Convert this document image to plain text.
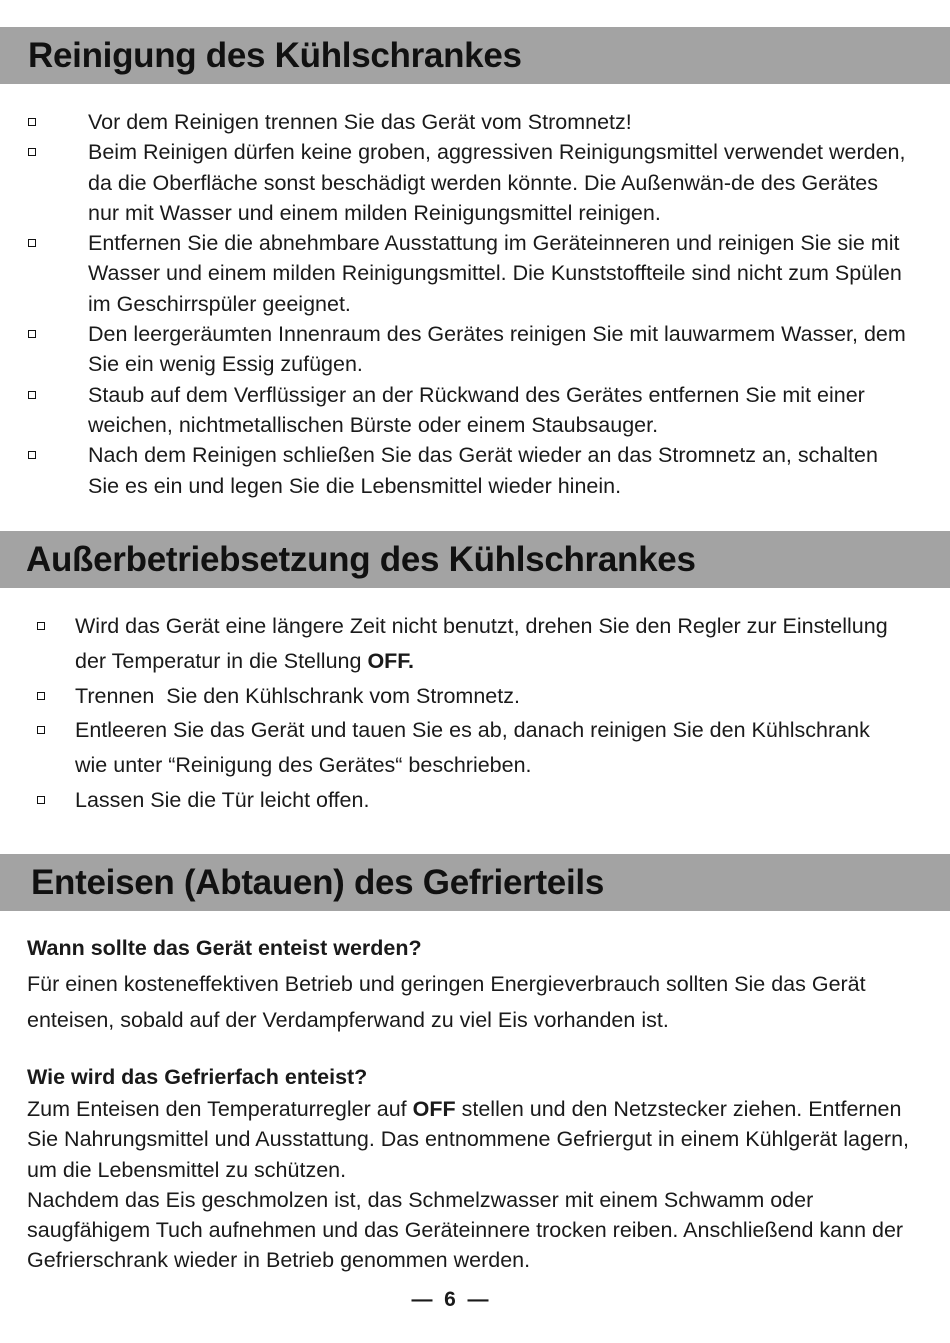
Reinigung des Kühlschrankes
Vor dem Reinigen trennen Sie das Gerät vom Stromnetz!
Beim Reinigen dürfen keine groben, aggressiven Reinigungsmittel verwendet werden, da die Oberfläche sonst beschädigt werden könnte. Die Außenwän-de des Gerätes nur mit Wasser und einem milden Reinigungsmittel reinigen.
Entfernen Sie die abnehmbare Ausstattung im Geräteinneren und reinigen Sie sie mit Wasser und einem milden Reinigungsmittel. Die Kunststoffteile sind nicht zum Spülen im Geschirrspüler geeignet.
Den leergeräumten Innenraum des Gerätes reinigen Sie mit lauwarmem Wasser, dem Sie ein wenig Essig zufügen.
Staub auf dem Verflüssiger an der Rückwand des Gerätes entfernen Sie mit einer weichen, nichtmetallischen Bürste oder einem Staubsauger.
Nach dem Reinigen schließen Sie das Gerät wieder an das Stromnetz an, schalten Sie es ein und legen Sie die Lebensmittel wieder hinein.
Außerbetriebsetzung des Kühlschrankes
Wird das Gerät eine längere Zeit nicht benutzt, drehen Sie den Regler zur Einstellung der Temperatur in die Stellung OFF.
Trennen  Sie den Kühlschrank vom Stromnetz.
Entleeren Sie das Gerät und tauen Sie es ab, danach reinigen Sie den Kühlschrank wie unter “Reinigung des Gerätes“ beschrieben.
Lassen Sie die Tür leicht offen.
Enteisen (Abtauen) des Gefrierteils
Wann sollte das Gerät enteist werden?

Für einen kosteneffektiven Betrieb und geringen Energieverbrauch sollten Sie das Gerät enteisen, sobald auf der Verdampferwand zu viel Eis vorhanden ist.

Wie wird das Gefrierfach enteist?

Zum Enteisen den Temperaturregler auf OFF stellen und den Netzstecker ziehen. Entfernen Sie Nahrungsmittel und Ausstattung. Das entnommene Gefriergut in einem Kühlgerät lagern, um die Lebensmittel zu schützen.

Nachdem das Eis geschmolzen ist, das Schmelzwasser mit einem Schwamm oder saugfähigem Tuch aufnehmen und das Geräteinnere trocken reiben. Anschließend kann der Gefrierschrank wieder in Betrieb genommen werden.

—  6  —
